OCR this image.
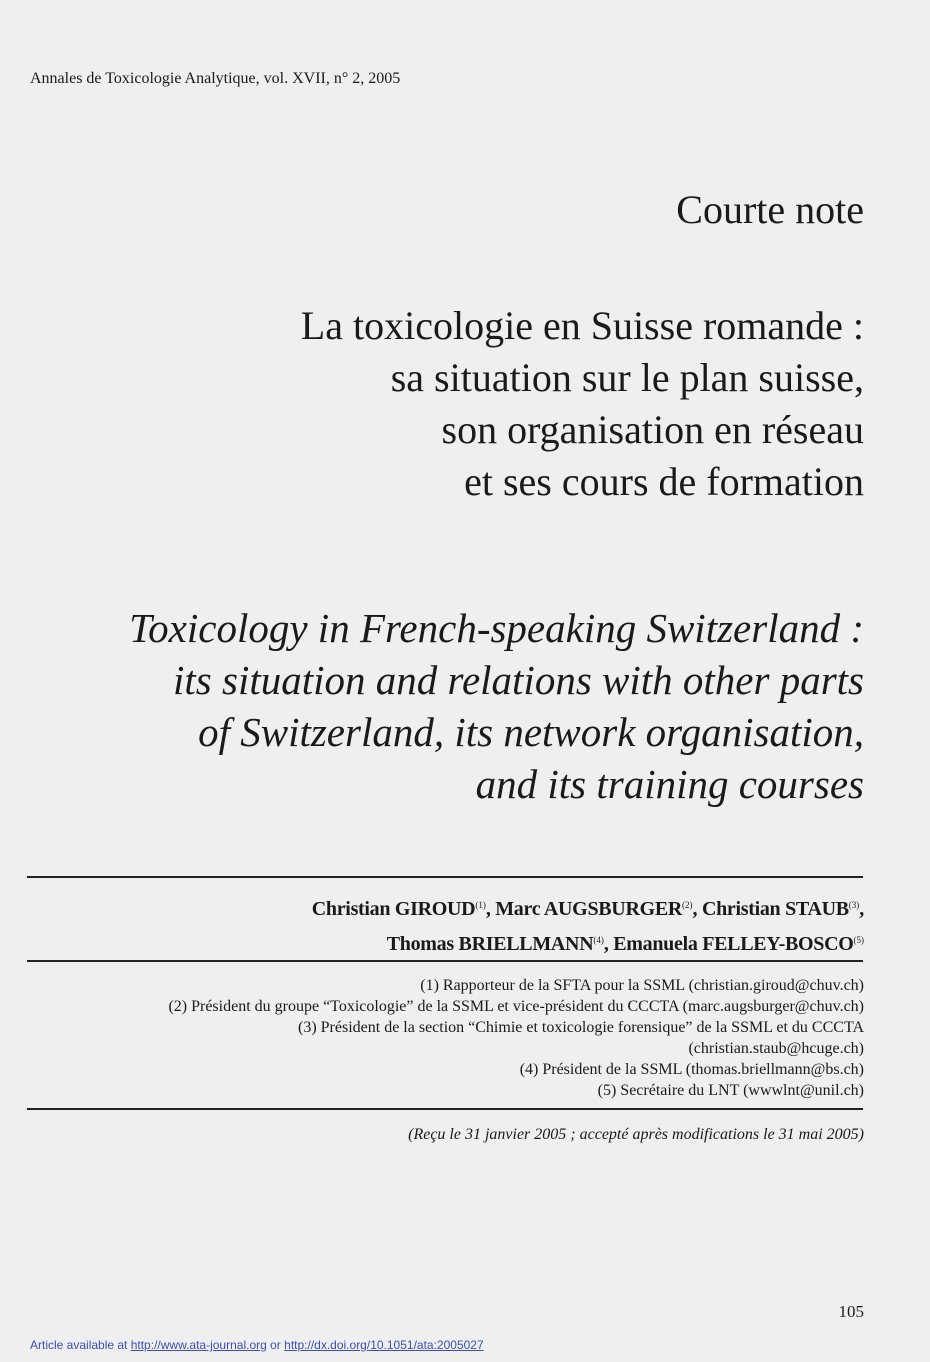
Annales de Toxicologie Analytique, vol. XVII, n° 2, 2005
Courte note
La toxicologie en Suisse romande :
sa situation sur le plan suisse,
son organisation en réseau
et ses cours de formation
Toxicology in French-speaking Switzerland :
its situation and relations with other parts
of Switzerland, its network organisation,
and its training courses
Christian GIROUD$^{(1)}$, Marc AUGSBURGER$^{(2)}$, Christian STAUB$^{(3)}$,
Thomas BRIELLMANN$^{(4)}$, Emanuela FELLEY-BOSCO$^{(5)}$
(1) Rapporteur de la SFTA pour la SSML (christian.giroud@chuv.ch)
(2) Président du groupe “Toxicologie” de la SSML et vice-président du CCCTA (marc.augsburger@chuv.ch)
(3) Président de la section “Chimie et toxicologie forensique” de la SSML et du CCCTA
(christian.staub@hcuge.ch)
(4) Président de la SSML (thomas.briellmann@bs.ch)
(5) Secrétaire du LNT (wwwlnt@unil.ch)
(Reçu le 31 janvier 2005 ; accepté après modifications le 31 mai 2005)
105
Article available at http://www.ata-journal.org or http://dx.doi.org/10.1051/ata:2005027
